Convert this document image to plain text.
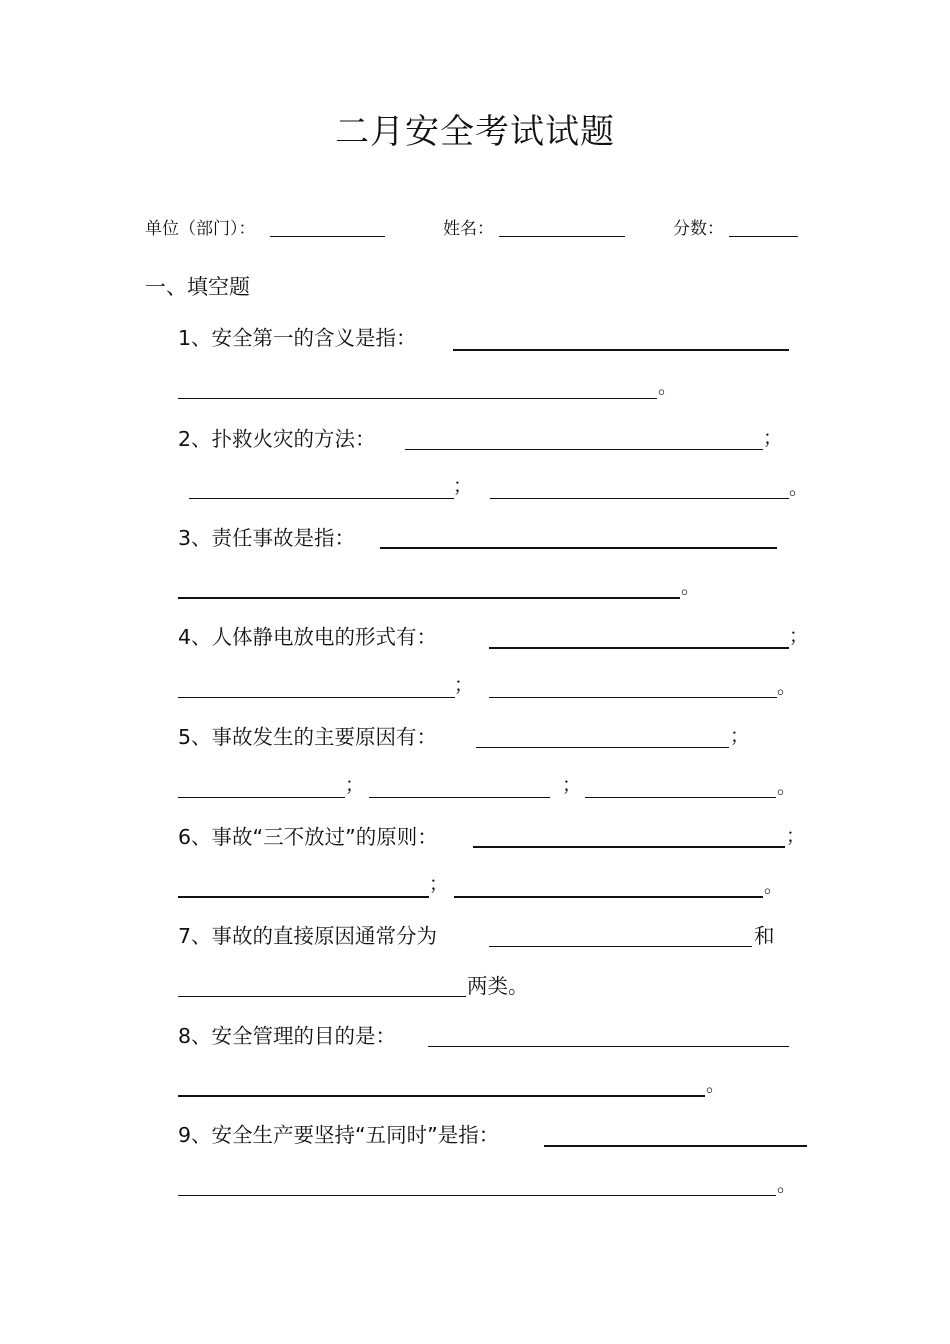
二月安全考试试题
单位（部门）：	姓名：	分数：
一、填空题
1、安全第一的含义是指：
。
2、扑救火灾的方法：	；
；	。
3、责任事故是指：
。
4、人体静电放电的形式有：	；
；	。
5、事故发生的主要原因有：	；
；	；	。
6、事故“三不放过”的原则：	；
；	。
7、事故的直接原因通常分为	和
两类。
8、安全管理的目的是：
。
9、安全生产要坚持“五同时”是指：
。
